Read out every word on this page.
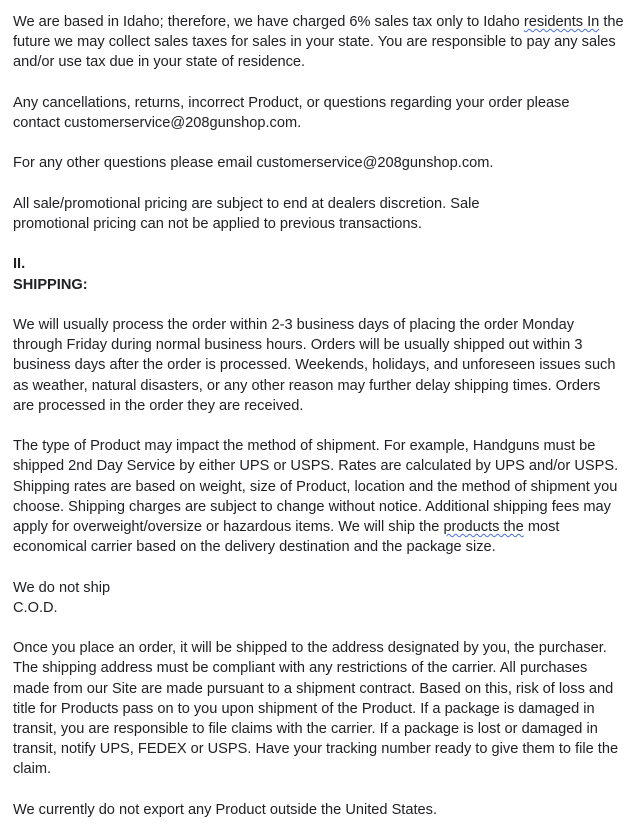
We are based in Idaho; therefore, we have charged 6% sales tax only to Idaho residents In the
future we may collect sales taxes for sales in your state. You are responsible to pay any sales
and/or use tax due in your state of residence.

Any cancellations, returns, incorrect Product, or questions regarding your order please
contact customerservice@208gunshop.com.

For any other questions please email customerservice@208gunshop.com.

All sale/promotional pricing are subject to end at dealers discretion. Sale
promotional pricing can not be applied to previous transactions.

II.
SHIPPING:

We will usually process the order within 2-3 business days of placing the order Monday
through Friday during normal business hours. Orders will be usually shipped out within 3
business days after the order is processed. Weekends, holidays, and unforeseen issues such
as weather, natural disasters, or any other reason may further delay shipping times. Orders
are processed in the order they are received.

The type of Product may impact the method of shipment. For example, Handguns must be
shipped 2nd Day Service by either UPS or USPS. Rates are calculated by UPS and/or USPS.
Shipping rates are based on weight, size of Product, location and the method of shipment you
choose. Shipping charges are subject to change without notice. Additional shipping fees may
apply for overweight/oversize or hazardous items. We will ship the products the most
economical carrier based on the delivery destination and the package size.

We do not ship
C.O.D.

Once you place an order, it will be shipped to the address designated by you, the purchaser.
The shipping address must be compliant with any restrictions of the carrier. All purchases
made from our Site are made pursuant to a shipment contract. Based on this, risk of loss and
title for Products pass on to you upon shipment of the Product. If a package is damaged in
transit, you are responsible to file claims with the carrier. If a package is lost or damaged in
transit, notify UPS, FEDEX or USPS. Have your tracking number ready to give them to file the
claim.

We currently do not export any Product outside the United States.
